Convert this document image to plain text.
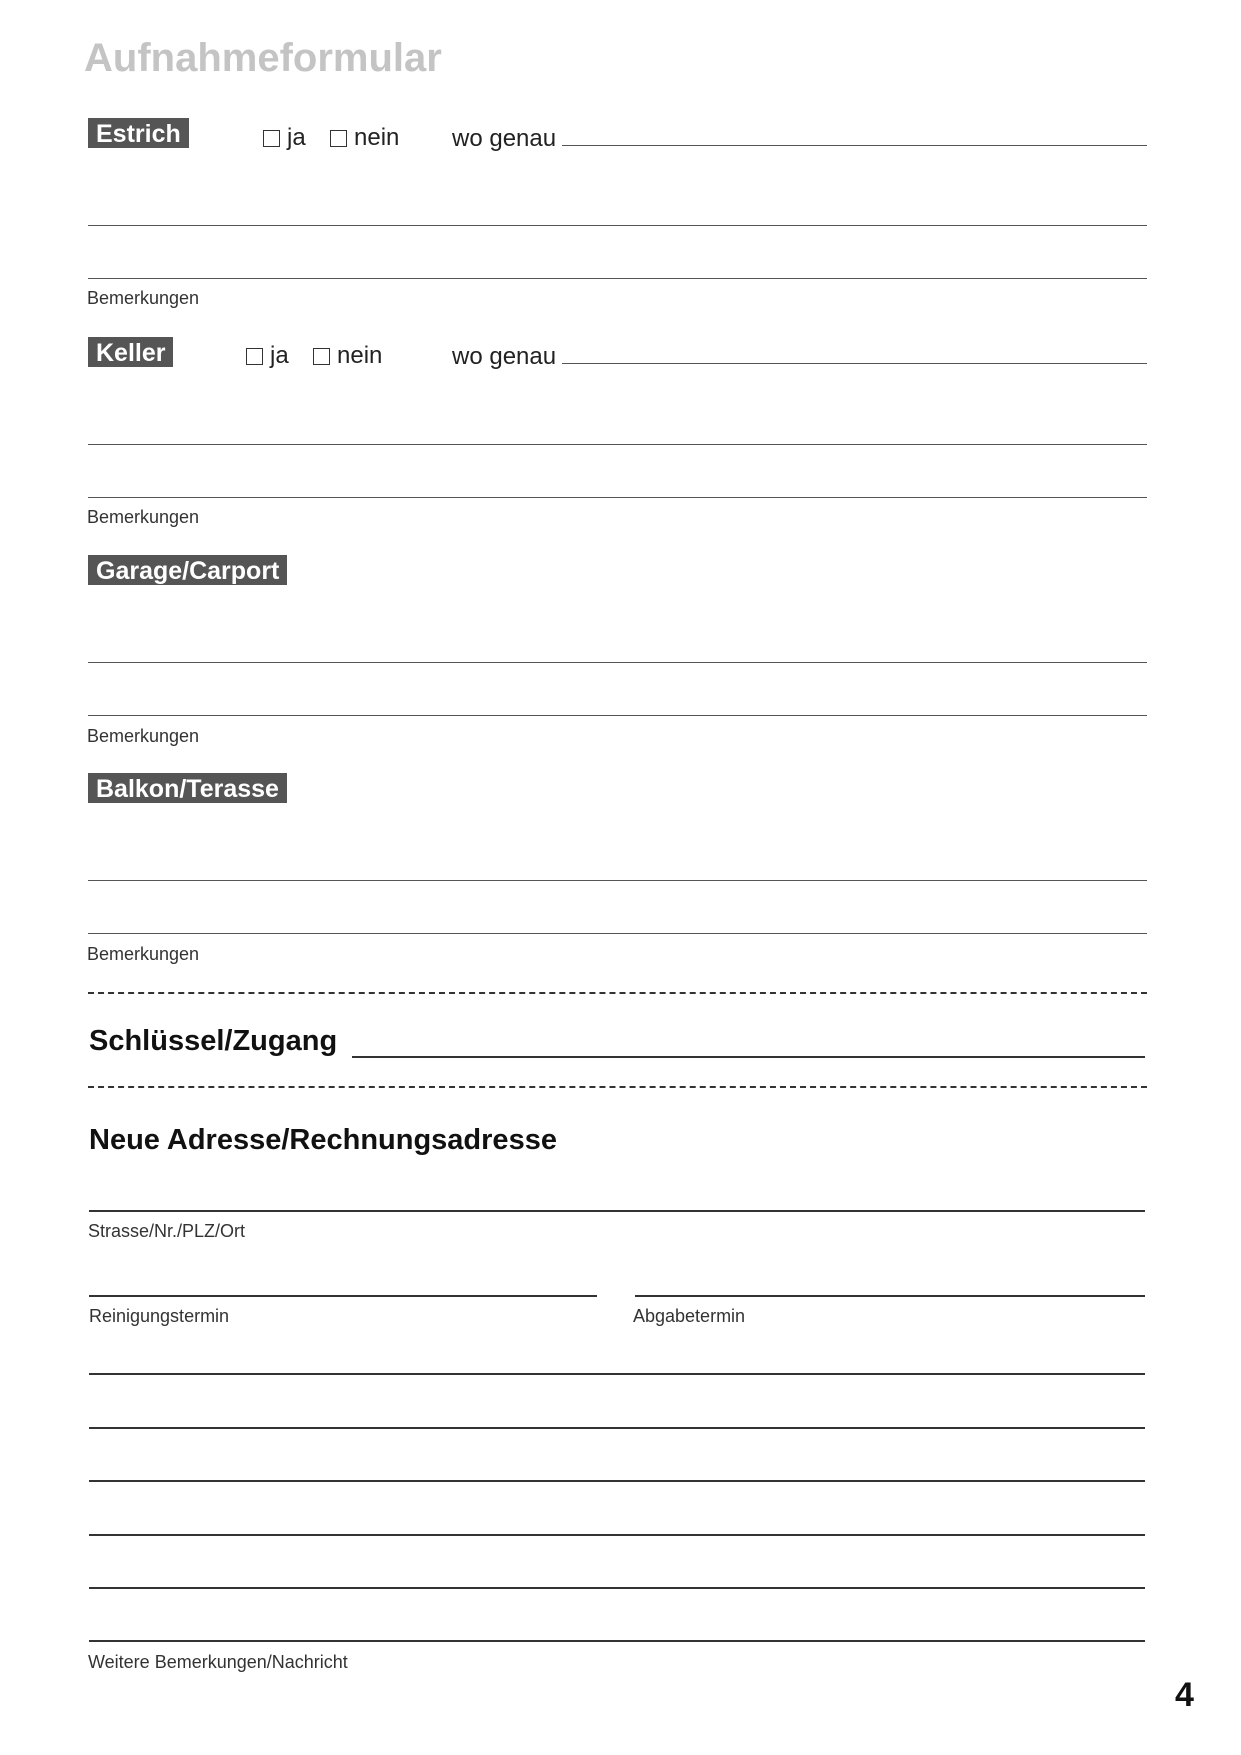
Aufnahmeformular
Estrich	ja nein wo genau
Bemerkungen
Keller	ja nein	wo genau
Bemerkungen
Garage/Carport
Bemerkungen
Balkon/Terasse
Bemerkungen
Schlüssel/Zugang
Neue Adresse/Rechnungsadresse
Strasse/Nr./PLZ/Ort
Reinigungstermin	Abgabetermin
Weitere Bemerkungen/Nachricht
4
